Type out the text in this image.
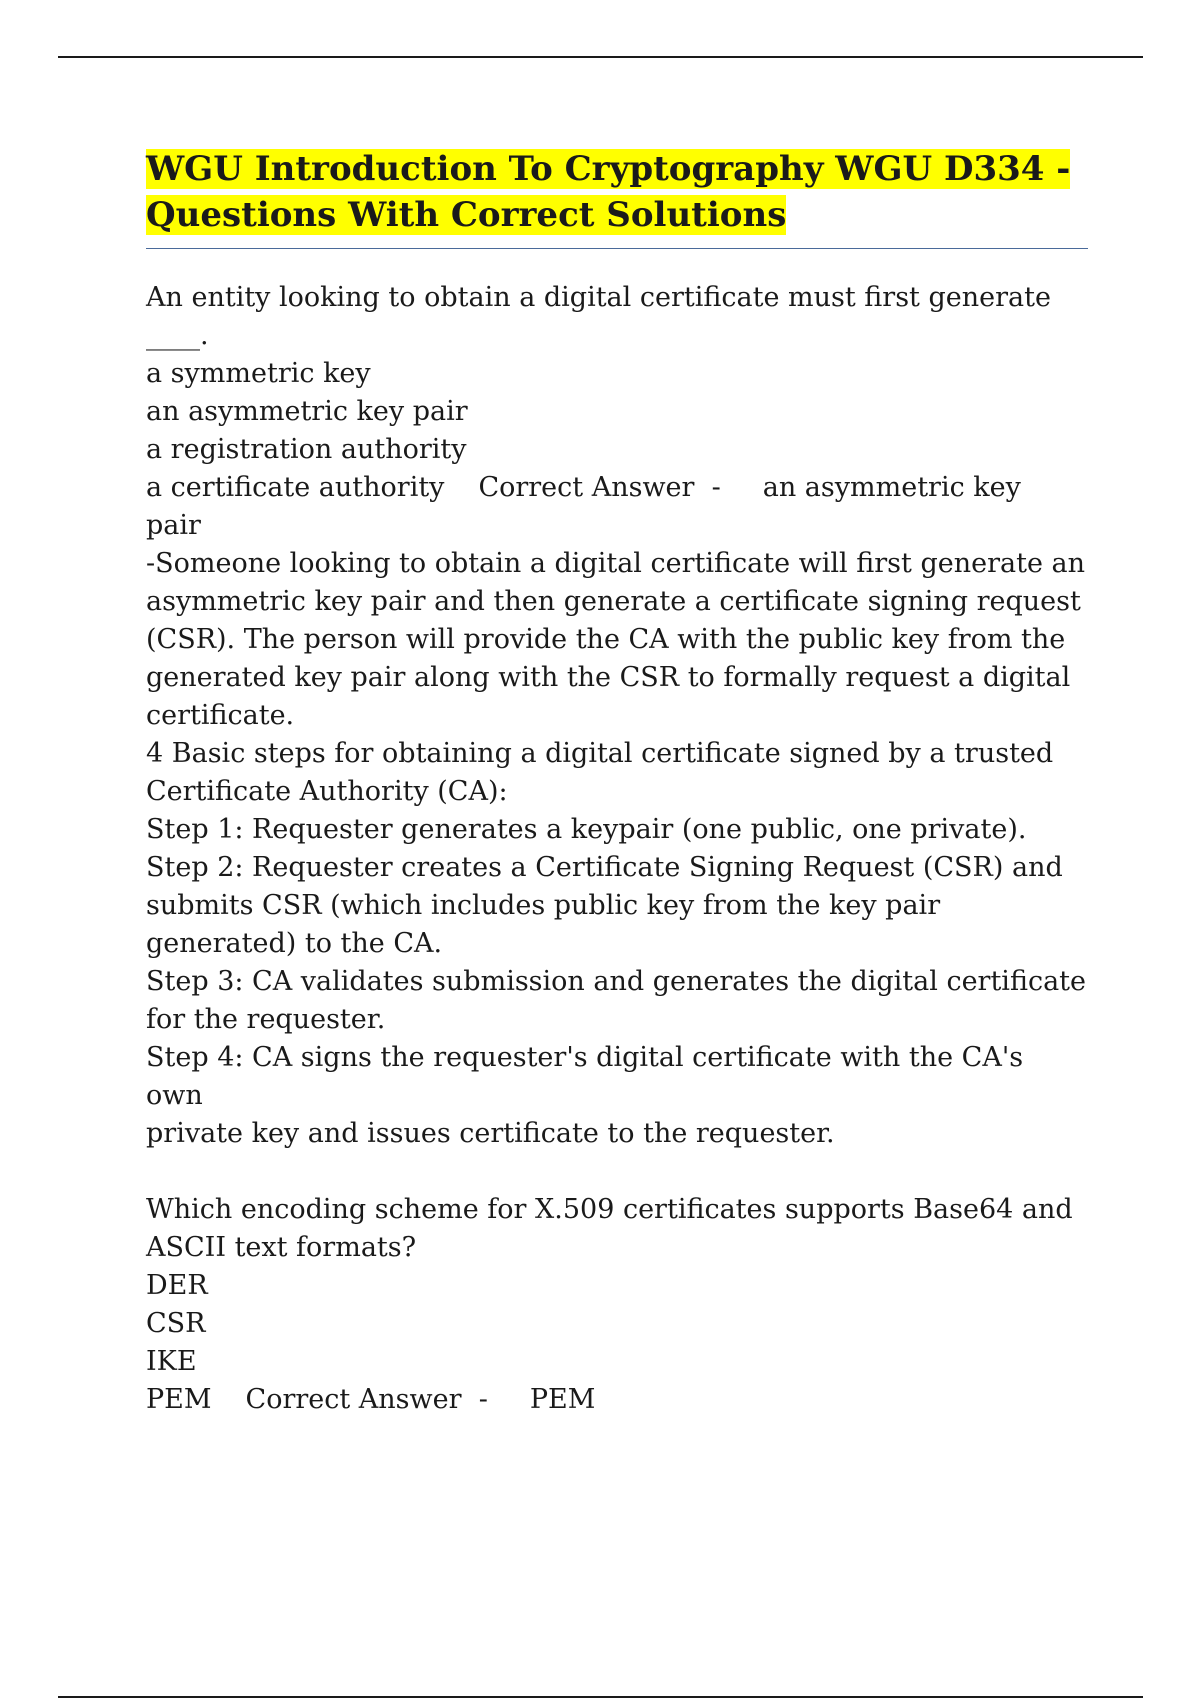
WGU Introduction To Cryptography WGU D334 -
Questions With Correct Solutions
An entity looking to obtain a digital certificate must first generate
____.
a symmetric key
an asymmetric key pair
a registration authority
a certificate authority Correct Answer  - an asymmetric key
pair
-Someone looking to obtain a digital certificate will first generate an
asymmetric key pair and then generate a certificate signing request
(CSR). The person will provide the CA with the public key from the
generated key pair along with the CSR to formally request a digital
certificate.
4 Basic steps for obtaining a digital certificate signed by a trusted
Certificate Authority (CA):
Step 1: Requester generates a keypair (one public, one private).
Step 2: Requester creates a Certificate Signing Request (CSR) and
submits CSR (which includes public key from the key pair
generated) to the CA.
Step 3: CA validates submission and generates the digital certificate
for the requester.
Step 4: CA signs the requester's digital certificate with the CA's own
private key and issues certificate to the requester.
Which encoding scheme for X.509 certificates supports Base64 and
ASCII text formats?
DER
CSR
IKE
PEM Correct Answer  - PEM
